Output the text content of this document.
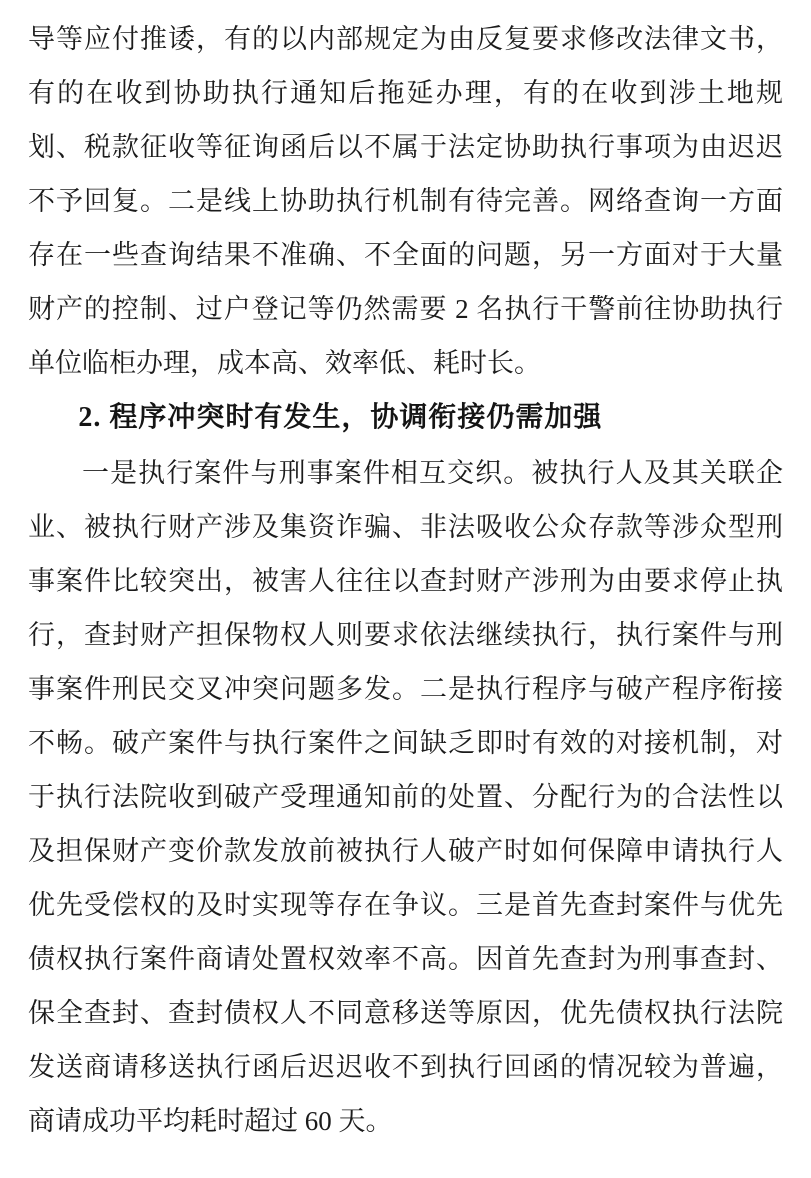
导等应付推诿，有的以内部规定为由反复要求修改法律文书，有的在收到协助执行通知后拖延办理，有的在收到涉土地规划、税款征收等征询函后以不属于法定协助执行事项为由迟迟不予回复。二是线上协助执行机制有待完善。网络查询一方面存在一些查询结果不准确、不全面的问题，另一方面对于大量财产的控制、过户登记等仍然需要 2 名执行干警前往协助执行单位临柜办理，成本高、效率低、耗时长。

2. 程序冲突时有发生，协调衔接仍需加强

一是执行案件与刑事案件相互交织。被执行人及其关联企业、被执行财产涉及集资诈骗、非法吸收公众存款等涉众型刑事案件比较突出，被害人往往以查封财产涉刑为由要求停止执行，查封财产担保物权人则要求依法继续执行，执行案件与刑事案件刑民交叉冲突问题多发。二是执行程序与破产程序衔接不畅。破产案件与执行案件之间缺乏即时有效的对接机制，对于执行法院收到破产受理通知前的处置、分配行为的合法性以及担保财产变价款发放前被执行人破产时如何保障申请执行人优先受偿权的及时实现等存在争议。三是首先查封案件与优先债权执行案件商请处置权效率不高。因首先查封为刑事查封、保全查封、查封债权人不同意移送等原因，优先债权执行法院发送商请移送执行函后迟迟收不到执行回函的情况较为普遍，商请成功平均耗时超过 60 天。
